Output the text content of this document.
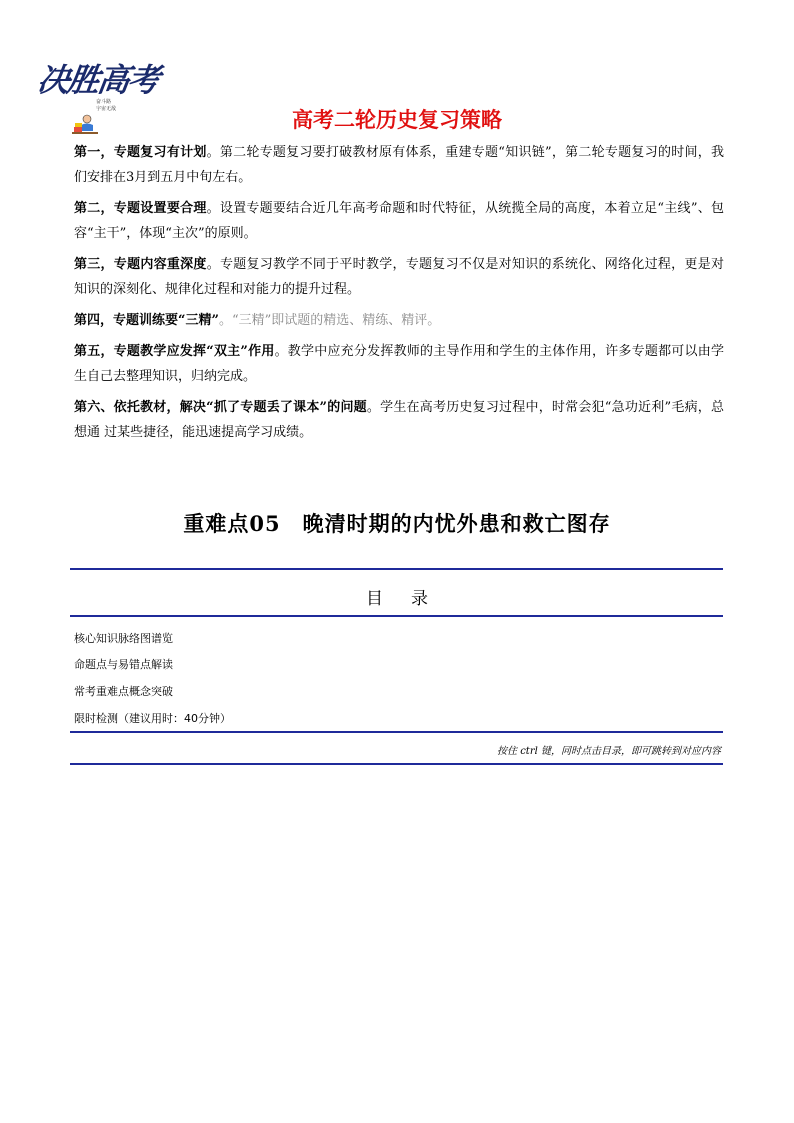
决胜高考
奋斗路
宇宙无敌	高考二轮历史复习策略

第一，专题复习有计划。第二轮专题复习要打破教材原有体系，重建专题“知识链”，第二轮专题复习的时间，我们安排在3月到五月中旬左右。

第二，专题设置要合理。设置专题要结合近几年高考命题和时代特征，从统揽全局的高度，本着立足“主线”、包容“主干”，体现“主次”的原则。

第三，专题内容重深度。专题复习教学不同于平时教学，专题复习不仅是对知识的系统化、网络化过程，更是对知识的深刻化、规律化过程和对能力的提升过程。

第四，专题训练要“三精”。“三精”即试题的精选、精练、精评。

第五，专题教学应发挥“双主”作用。教学中应充分发挥教师的主导作用和学生的主体作用，许多专题都可以由学生自己去整理知识，归纳完成。

第六、依托教材，解决“抓了专题丢了课本”的问题。学生在高考历史复习过程中，时常会犯“急功近利”毛病，总想通 过某些捷径，能迅速提高学习成绩。

重难点05　晚清时期的内忧外患和救亡图存
目录
核心知识脉络图谱览
命题点与易错点解读
常考重难点概念突破
限时检测（建议用时：40分钟）
按住 ctrl 键，同时点击目录，即可跳转到对应内容
